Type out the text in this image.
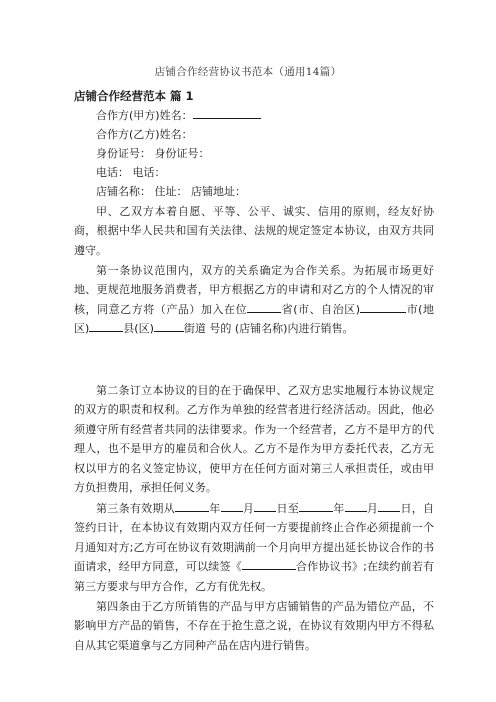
店铺合作经营协议书范本（通用14篇）
店铺合作经营范本 篇 1
合作方(甲方)姓名：
合作方(乙方)姓名：
身份证号： 身份证号：
电话： 电话：
店铺名称： 住址： 店铺地址：
甲、乙双方本着自愿、平等、公平、诚实、信用的原则，经友好协商，根据中华人民共和国有关法律、法规的规定签定本协议，由双方共同遵守。
第一条协议范围内，双方的关系确定为合作关系。为拓展市场更好地、更规范地服务消费者，甲方根据乙方的申请和对乙方的个人情况的审核，同意乙方将（产品）加入在位	省(市、自治区)	市(地区)	县(区)	街道 号的 (店铺名称)内进行销售。
第二条订立本协议的目的在于确保甲、乙双方忠实地履行本协议规定的双方的职责和权利。乙方作为单独的经营者进行经济活动。因此，他必须遵守所有经营者共同的法律要求。作为一个经营者，乙方不是甲方的代理人，也不是甲方的雇员和合伙人。乙方不是作为甲方委托代表，乙方无权以甲方的名义签定协议，使甲方在任何方面对第三人承担责任，或由甲方负担费用，承担任何义务。
第三条有效期从	年 月 日至	年 月 日，自签约日计，在本协议有效期内双方任何一方要提前终止合作必须提前一个月通知对方;乙方可在协议有效期满前一个月向甲方提出延长协议合作的书面请求，经甲方同意，可以续签《	合作协议书》;在续约前若有第三方要求与甲方合作，乙方有优先权。
第四条由于乙方所销售的产品与甲方店铺销售的产品为错位产品，不影响甲方产品的销售，不存在于抢生意之说，在协议有效期内甲方不得私自从其它渠道拿与乙方同种产品在店内进行销售。
